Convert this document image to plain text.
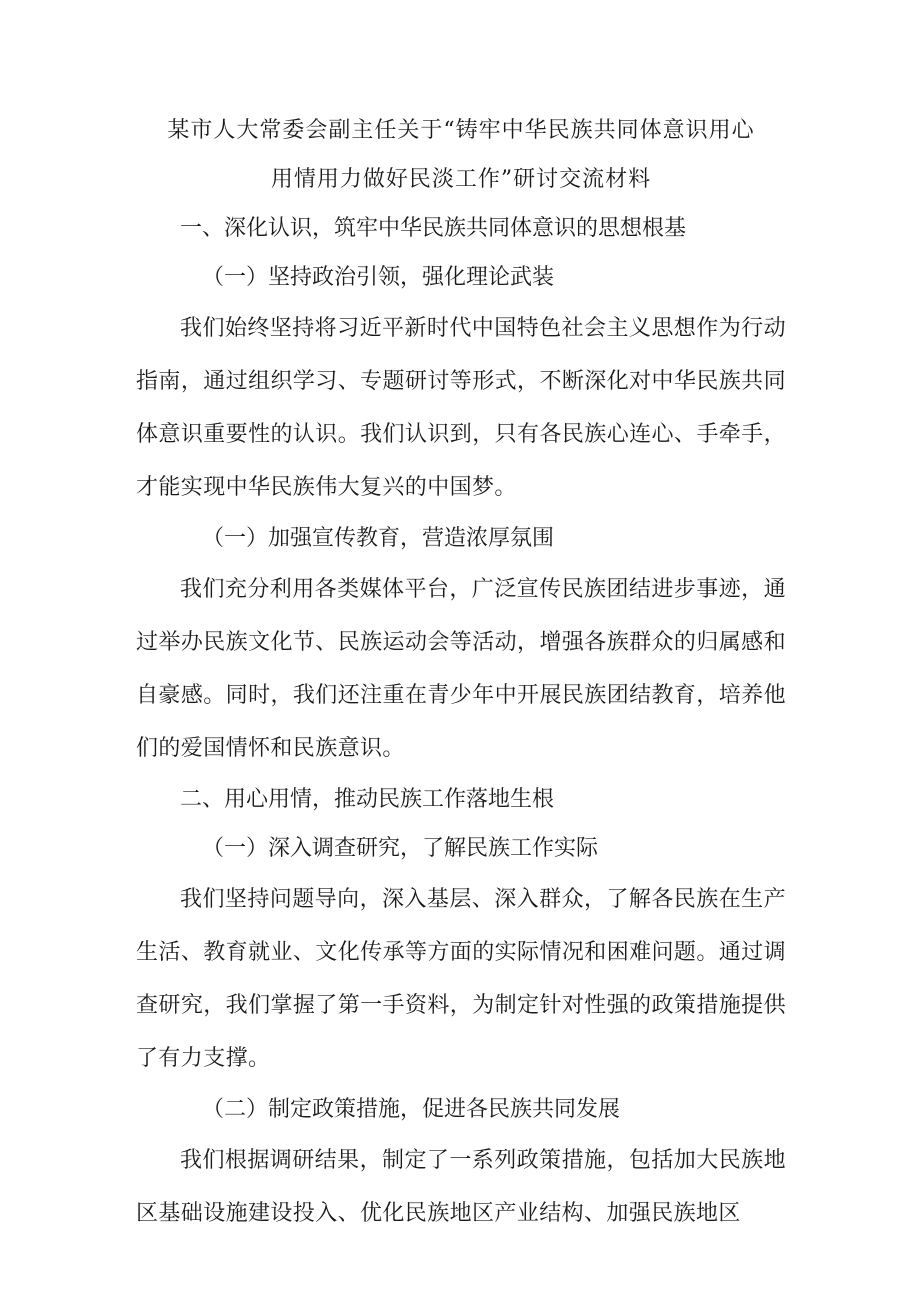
某市人大常委会副主任关于“铸牢中华民族共同体意识用心
用情用力做好民淡工作”研讨交流材料
一、深化认识，筑牢中华民族共同体意识的思想根基
（一）坚持政治引领，强化理论武装

我们始终坚持将习近平新时代中国特色社会主义思想作为行动指南，通过组织学习、专题研讨等形式，不断深化对中华民族共同体意识重要性的认识。我们认识到，只有各民族心连心、手牵手，才能实现中华民族伟大复兴的中国梦。

（一）加强宣传教育，营造浓厚氛围

我们充分利用各类媒体平台，广泛宣传民族团结进步事迹，通过举办民族文化节、民族运动会等活动，增强各族群众的归属感和自豪感。同时，我们还注重在青少年中开展民族团结教育，培养他们的爱国情怀和民族意识。

二、用心用情，推动民族工作落地生根
（一）深入调查研究，了解民族工作实际

我们坚持问题导向，深入基层、深入群众，了解各民族在生产生活、教育就业、文化传承等方面的实际情况和困难问题。通过调查研究，我们掌握了第一手资料，为制定针对性强的政策措施提供了有力支撑。

（二）制定政策措施，促进各民族共同发展

我们根据调研结果，制定了一系列政策措施，包括加大民族地区基础设施建设投入、优化民族地区产业结构、加强民族地区
